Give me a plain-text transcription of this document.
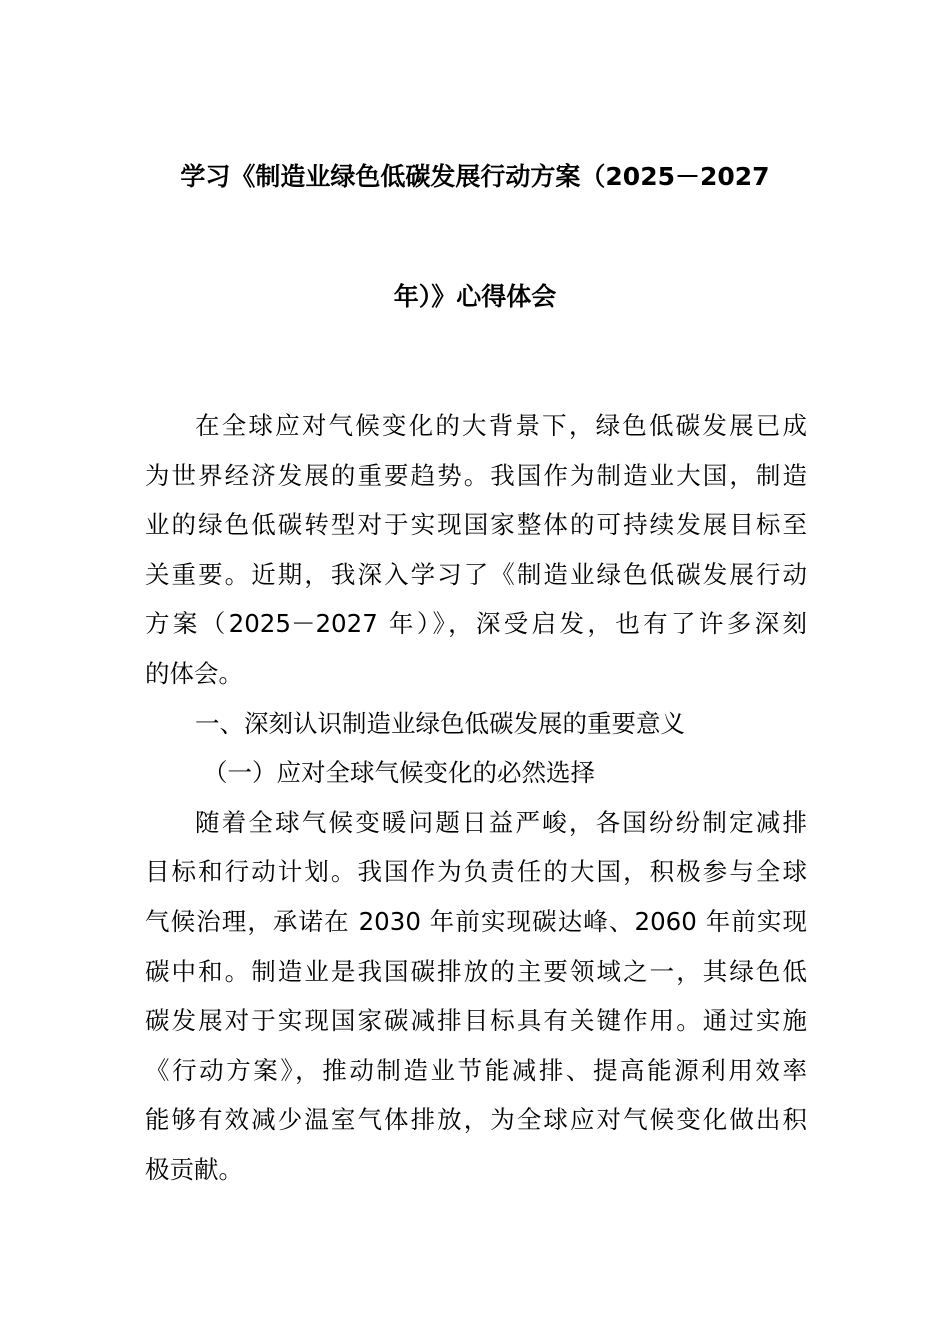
学习《制造业绿色低碳发展行动方案（2025－2027
年）》心得体会
在全球应对气候变化的大背景下，绿色低碳发展已成
为世界经济发展的重要趋势。我国作为制造业大国，制造
业的绿色低碳转型对于实现国家整体的可持续发展目标至
关重要。近期，我深入学习了《制造业绿色低碳发展行动
方案（2025－2027 年）》，深受启发，也有了许多深刻
的体会。
一、深刻认识制造业绿色低碳发展的重要意义
（一）应对全球气候变化的必然选择
随着全球气候变暖问题日益严峻，各国纷纷制定减排
目标和行动计划。我国作为负责任的大国，积极参与全球
气候治理，承诺在 2030 年前实现碳达峰、2060 年前实现
碳中和。制造业是我国碳排放的主要领域之一，其绿色低
碳发展对于实现国家碳减排目标具有关键作用。通过实施
《行动方案》，推动制造业节能减排、提高能源利用效率
能够有效减少温室气体排放，为全球应对气候变化做出积
极贡献。
